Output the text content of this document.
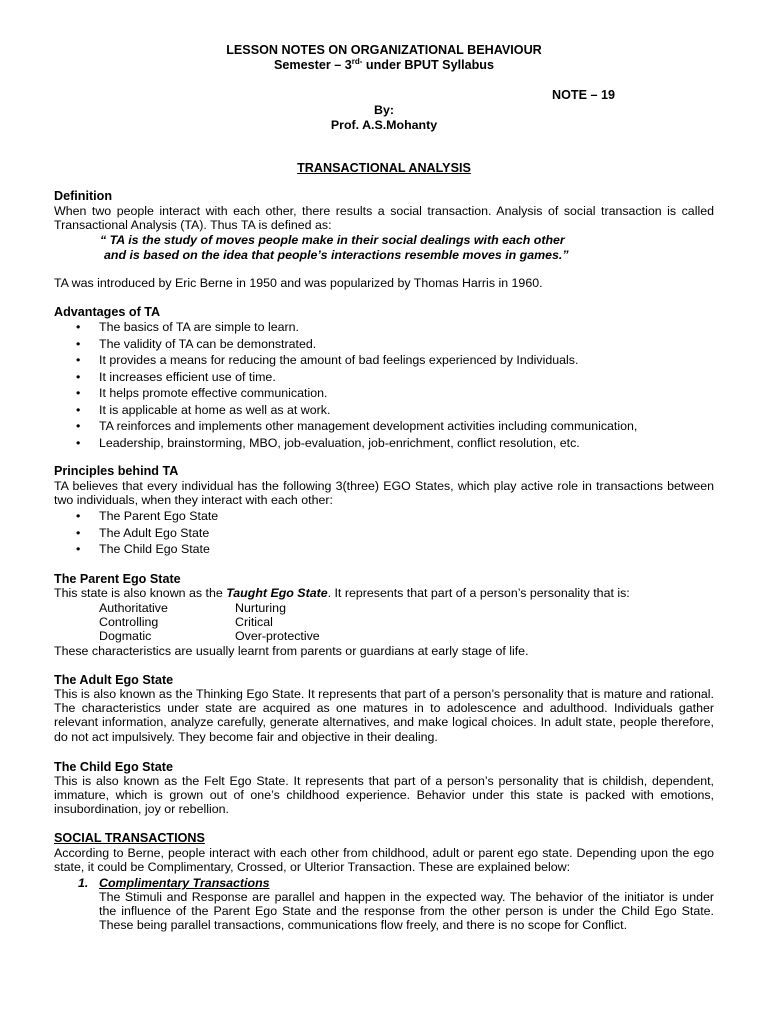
LESSON NOTES ON ORGANIZATIONAL BEHAVIOUR
Semester – $3^{rd-}$ under BPUT Syllabus
NOTE – 19
By:
Prof. A.S.Mohanty
TRANSACTIONAL ANALYSIS
Definition
When two people interact with each other, there results a social transaction. Analysis of social transaction is called Transactional Analysis (TA). Thus TA is defined as:
“ TA is the study of moves people make in their social dealings with each other
and is based on the idea that people’s interactions resemble moves in games.”
TA was introduced by Eric Berne in 1950 and was popularized by Thomas Harris in 1960.
Advantages of TA
• The basics of TA are simple to learn.
• The validity of TA can be demonstrated.
• It provides a means for reducing the amount of bad feelings experienced by Individuals.
• It increases efficient use of time.
• It helps promote effective communication.
• It is applicable at home as well as at work.
• TA reinforces and implements other management development activities including communication,
• Leadership, brainstorming, MBO, job-evaluation, job-enrichment, conflict resolution, etc.
Principles behind TA
TA believes that every individual has the following 3(three) EGO States, which play active role in transactions between two individuals, when they interact with each other:
• The Parent Ego State
• The Adult Ego State
• The Child Ego State
The Parent Ego State
This state is also known as the Taught Ego State. It represents that part of a person’s personality that is:
Authoritative	Nurturing
Controlling	Critical
Dogmatic	Over-protective
These characteristics are usually learnt from parents or guardians at early stage of life.
The Adult Ego State
This is also known as the Thinking Ego State. It represents that part of a person’s personality that is mature and rational. The characteristics under state are acquired as one matures in to adolescence and adulthood. Individuals gather relevant information, analyze carefully, generate alternatives, and make logical choices. In adult state, people therefore, do not act impulsively. They become fair and objective in their dealing.
The Child Ego State
This is also known as the Felt Ego State. It represents that part of a person’s personality that is childish, dependent, immature, which is grown out of one’s childhood experience. Behavior under this state is packed with emotions, insubordination, joy or rebellion.
SOCIAL TRANSACTIONS
According to Berne, people interact with each other from childhood, adult or parent ego state. Depending upon the ego state, it could be Complimentary, Crossed, or Ulterior Transaction. These are explained below:
1. Complimentary Transactions
The Stimuli and Response are parallel and happen in the expected way. The behavior of the initiator is under the influence of the Parent Ego State and the response from the other person is under the Child Ego State. These being parallel transactions, communications flow freely, and there is no scope for Conflict.
